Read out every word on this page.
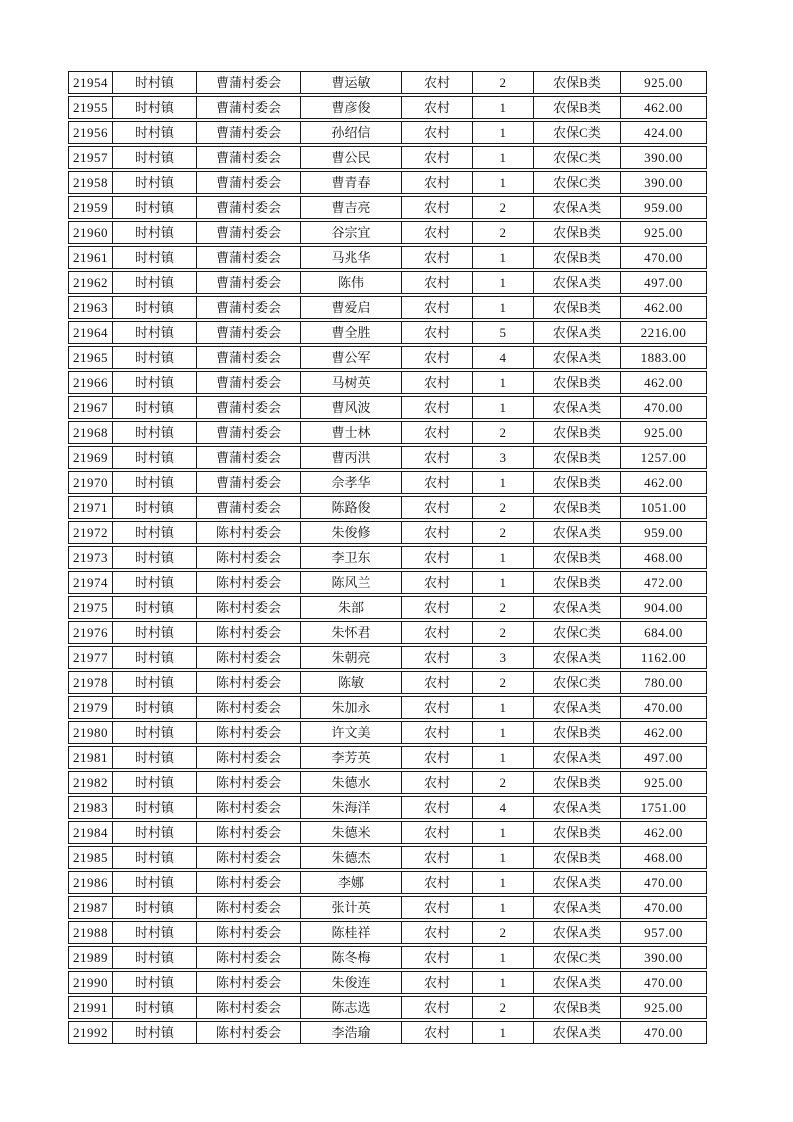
21954	时村镇	曹蒲村委会	曹运敏	农村	2	农保B类	925.00
21955	时村镇	曹蒲村委会	曹彦俊	农村	1	农保B类	462.00
21956	时村镇	曹蒲村委会	孙绍信	农村	1	农保C类	424.00
21957	时村镇	曹蒲村委会	曹公民	农村	1	农保C类	390.00
21958	时村镇	曹蒲村委会	曹青春	农村	1	农保C类	390.00
21959	时村镇	曹蒲村委会	曹吉亮	农村	2	农保A类	959.00
21960	时村镇	曹蒲村委会	谷宗宜	农村	2	农保B类	925.00
21961	时村镇	曹蒲村委会	马兆华	农村	1	农保B类	470.00
21962	时村镇	曹蒲村委会	陈伟	农村	1	农保A类	497.00
21963	时村镇	曹蒲村委会	曹爱启	农村	1	农保B类	462.00
21964	时村镇	曹蒲村委会	曹全胜	农村	5	农保A类	2216.00
21965	时村镇	曹蒲村委会	曹公军	农村	4	农保A类	1883.00
21966	时村镇	曹蒲村委会	马树英	农村	1	农保B类	462.00
21967	时村镇	曹蒲村委会	曹风波	农村	1	农保A类	470.00
21968	时村镇	曹蒲村委会	曹士林	农村	2	农保B类	925.00
21969	时村镇	曹蒲村委会	曹丙洪	农村	3	农保B类	1257.00
21970	时村镇	曹蒲村委会	佘孝华	农村	1	农保B类	462.00
21971	时村镇	曹蒲村委会	陈路俊	农村	2	农保B类	1051.00
21972	时村镇	陈村村委会	朱俊修	农村	2	农保A类	959.00
21973	时村镇	陈村村委会	李卫东	农村	1	农保B类	468.00
21974	时村镇	陈村村委会	陈风兰	农村	1	农保B类	472.00
21975	时村镇	陈村村委会	朱部	农村	2	农保A类	904.00
21976	时村镇	陈村村委会	朱怀君	农村	2	农保C类	684.00
21977	时村镇	陈村村委会	朱朝亮	农村	3	农保A类	1162.00
21978	时村镇	陈村村委会	陈敏	农村	2	农保C类	780.00
21979	时村镇	陈村村委会	朱加永	农村	1	农保A类	470.00
21980	时村镇	陈村村委会	许文美	农村	1	农保B类	462.00
21981	时村镇	陈村村委会	李芳英	农村	1	农保A类	497.00
21982	时村镇	陈村村委会	朱德水	农村	2	农保B类	925.00
21983	时村镇	陈村村委会	朱海洋	农村	4	农保A类	1751.00
21984	时村镇	陈村村委会	朱德米	农村	1	农保B类	462.00
21985	时村镇	陈村村委会	朱德杰	农村	1	农保B类	468.00
21986	时村镇	陈村村委会	李娜	农村	1	农保A类	470.00
21987	时村镇	陈村村委会	张计英	农村	1	农保A类	470.00
21988	时村镇	陈村村委会	陈桂祥	农村	2	农保A类	957.00
21989	时村镇	陈村村委会	陈冬梅	农村	1	农保C类	390.00
21990	时村镇	陈村村委会	朱俊连	农村	1	农保A类	470.00
21991	时村镇	陈村村委会	陈志选	农村	2	农保B类	925.00
21992	时村镇	陈村村委会	李浩瑜	农村	1	农保A类	470.00
